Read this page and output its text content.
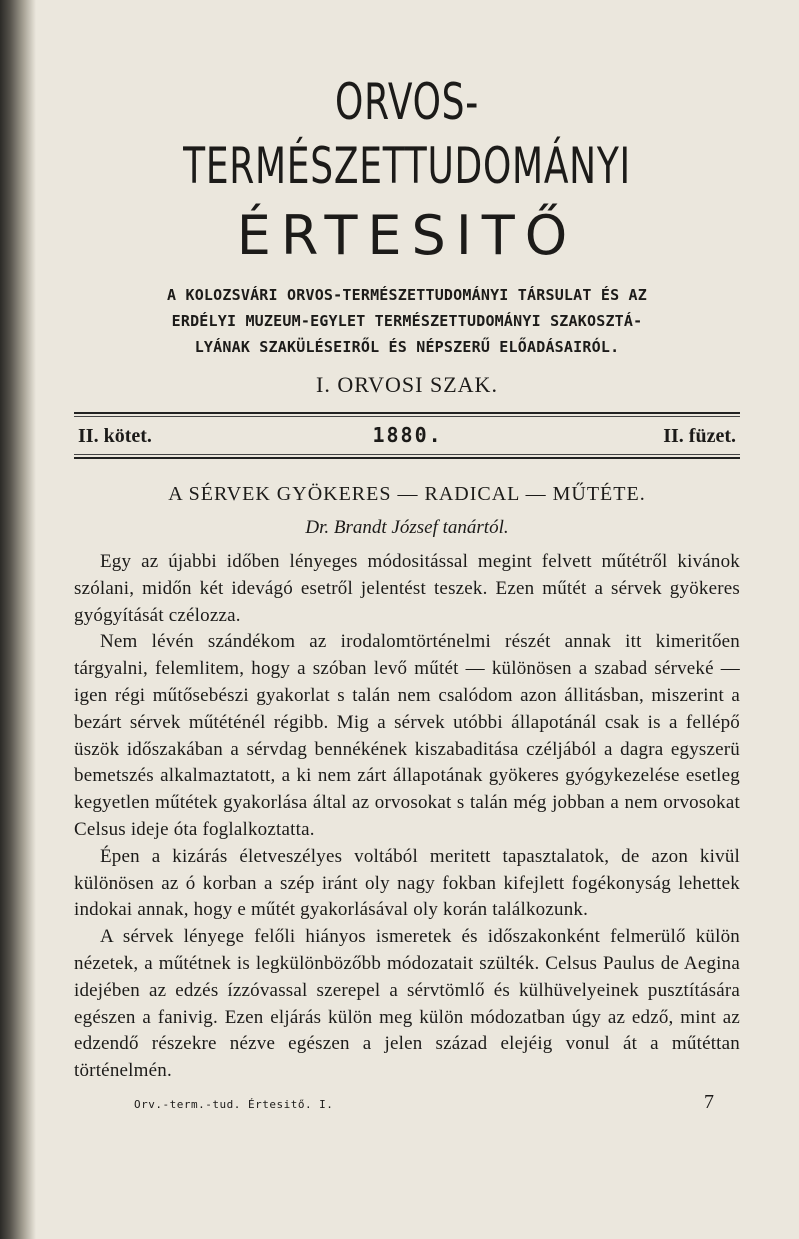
ORVOS-TERMÉSZETTUDOMÁNYI
ÉRTESITŐ
A KOLOZSVÁRI ORVOS-TERMÉSZETTUDOMÁNYI TÁRSULAT ÉS AZ
ERDÉLYI MUZEUM-EGYLET TERMÉSZETTUDOMÁNYI SZAKOSZTÁ-
LYÁNAK SZAKÜLÉSEIRŐL ÉS NÉPSZERŰ ELŐADÁSAIRÓL.
I. ORVOSI SZAK.
II. kötet.	1880.	II. füzet.
A SÉRVEK GYÖKERES — RADICAL — MŰTÉTE.
Dr. Brandt József tanártól.

Egy az újabbi időben lényeges módositással megint felvett műtétről kivánok szólani, midőn két idevágó esetről jelentést teszek. Ezen műtét a sérvek gyökeres gyógyítását czélozza.

Nem lévén szándékom az irodalomtörténelmi részét annak itt kimeritően tárgyalni, felemlitem, hogy a szóban levő műtét — különösen a szabad sérveké — igen régi műtősebészi gyakorlat s talán nem csalódom azon állitásban, miszerint a bezárt sérvek műtéténél régibb. Mig a sérvek utóbbi állapotánál csak is a fellépő üszök időszakában a sérvdag bennékének kiszabaditása czéljából a dagra egyszerü bemetszés alkalmaztatott, a ki nem zárt állapotának gyökeres gyógykezelése esetleg kegyetlen műtétek gyakorlása által az orvosokat s talán még jobban a nem orvosokat Celsus ideje óta foglalkoztatta.

Épen a kizárás életveszélyes voltából meritett tapasztalatok, de azon kivül különösen az ó korban a szép iránt oly nagy fokban kifejlett fogékonyság lehettek indokai annak, hogy e műtét gyakorlásával oly korán találkozunk.

A sérvek lényege felőli hiányos ismeretek és időszakonként felmerülő külön nézetek, a műtétnek is legkülönbözőbb módozatait szülték. Celsus Paulus de Aegina idejében az edzés ízzóvassal szerepel a sérvtömlő és külhüvelyeinek pusztítására egészen a fanivig. Ezen eljárás külön meg külön módozatban úgy az edző, mint az edzendő részekre nézve egészen a jelen század elejéig vonul át a műtéttan történelmén.

Orv.-term.-tud. Értesitő. I.	7
